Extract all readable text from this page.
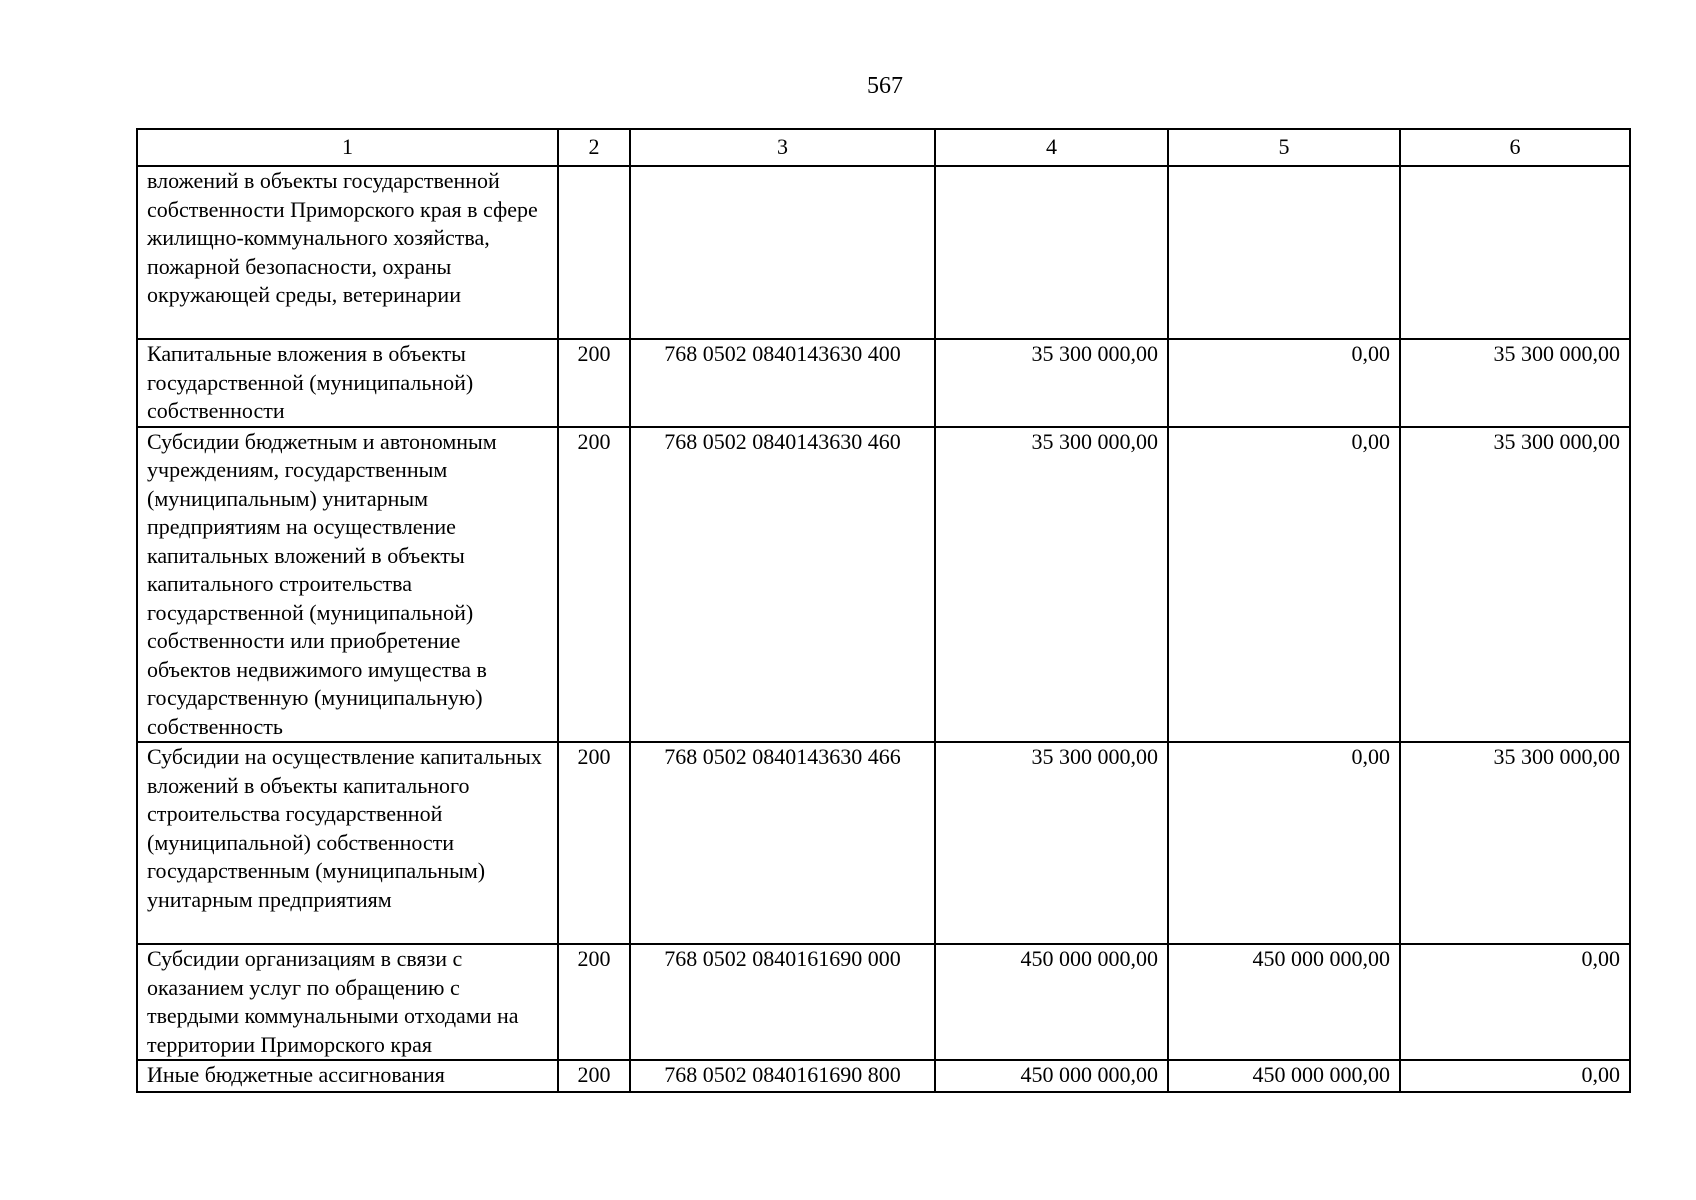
567
1	2	3	4	5	6
вложений в объекты государственной собственности Приморского края в сфере жилищно-коммунального хозяйства, пожарной безопасности, охраны окружающей среды, ветеринарии					
Капитальные вложения в объекты государственной (муниципальной) собственности	200	768 0502 0840143630 400	35 300 000,00	0,00	35 300 000,00
Субсидии бюджетным и автономным учреждениям, государственным (муниципальным) унитарным предприятиям на осуществление капитальных вложений в объекты капитального строительства государственной (муниципальной) собственности или приобретение объектов недвижимого имущества в государственную (муниципальную) собственность	200	768 0502 0840143630 460	35 300 000,00	0,00	35 300 000,00
Субсидии на осуществление капитальных вложений в объекты капитального строительства государственной (муниципальной) собственности государственным (муниципальным) унитарным предприятиям	200	768 0502 0840143630 466	35 300 000,00	0,00	35 300 000,00
Субсидии организациям в связи с оказанием услуг по обращению с твердыми коммунальными отходами на территории Приморского края	200	768 0502 0840161690 000	450 000 000,00	450 000 000,00	0,00
Иные бюджетные ассигнования	200	768 0502 0840161690 800	450 000 000,00	450 000 000,00	0,00
